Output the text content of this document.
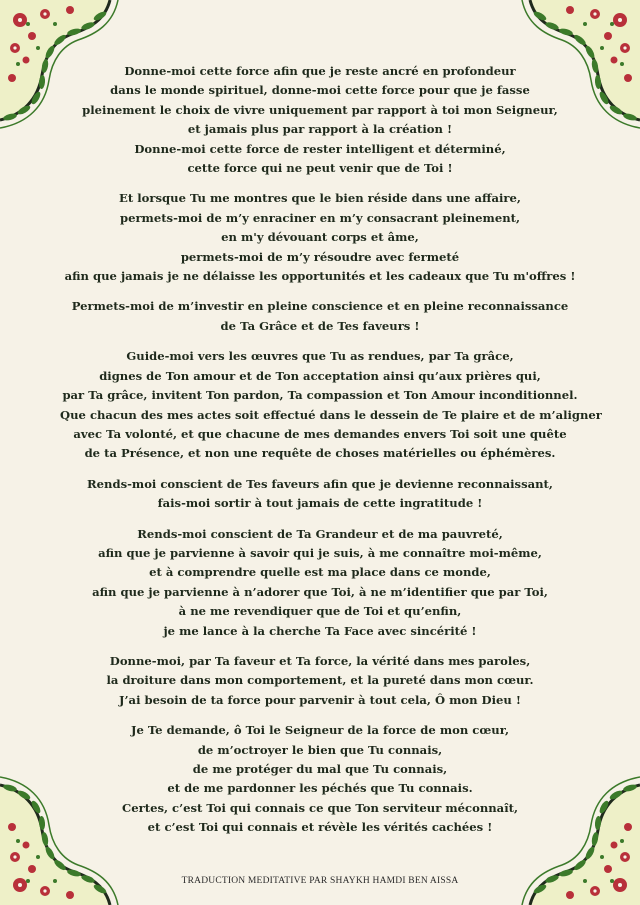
Donne-moi cette force afin que je reste ancré en profondeur
dans le monde spirituel, donne-moi cette force pour que je fasse
pleinement le choix de vivre uniquement par rapport à toi mon Seigneur,
et jamais plus par rapport à la création !
Donne-moi cette force de rester intelligent et déterminé,
cette force qui ne peut venir que de Toi !
Et lorsque Tu me montres que le bien réside dans une affaire,
permets-moi de m’y enraciner en m’y consacrant pleinement,
en m'y dévouant corps et âme,
permets-moi de m’y résoudre avec fermeté
afin que jamais je ne délaisse les opportunités et les cadeaux que Tu m'offres !
Permets-moi de m’investir en pleine conscience et en pleine reconnaissance
de Ta Grâce et de Tes faveurs !
Guide-moi vers les œuvres que Tu as rendues, par Ta grâce,
dignes de Ton amour et de Ton acceptation ainsi qu’aux prières qui,
par Ta grâce, invitent Ton pardon, Ta compassion et Ton Amour inconditionnel.
Que chacun des mes actes soit effectué dans le dessein de Te plaire et de m’aligner
avec Ta volonté, et que chacune de mes demandes envers Toi soit une quête
de ta Présence, et non une requête de choses matérielles ou éphémères.
Rends-moi conscient de Tes faveurs afin que je devienne reconnaissant,
fais-moi sortir à tout jamais de cette ingratitude !
Rends-moi conscient de Ta Grandeur et de ma pauvreté,
afin que je parvienne à savoir qui je suis, à me connaître moi-même,
et à comprendre quelle est ma place dans ce monde,
afin que je parvienne à n’adorer que Toi, à ne m’identifier que par Toi,
à ne me revendiquer que de Toi et qu’enfin,
je me lance à la cherche Ta Face avec sincérité !
Donne-moi, par Ta faveur et Ta force, la vérité dans mes paroles,
la droiture dans mon comportement, et la pureté dans mon cœur.
J’ai besoin de ta force pour parvenir à tout cela, Ô mon Dieu !
Je Te demande, ô Toi le Seigneur de la force de mon cœur,
de m’octroyer le bien que Tu connais,
de me protéger du mal que Tu connais,
et de me pardonner les péchés que Tu connais.
Certes, c’est Toi qui connais ce que Ton serviteur méconnaît,
et c’est Toi qui connais et révèle les vérités cachées !
TRADUCTION MEDITATIVE PAR SHAYKH HAMDI BEN AISSA
